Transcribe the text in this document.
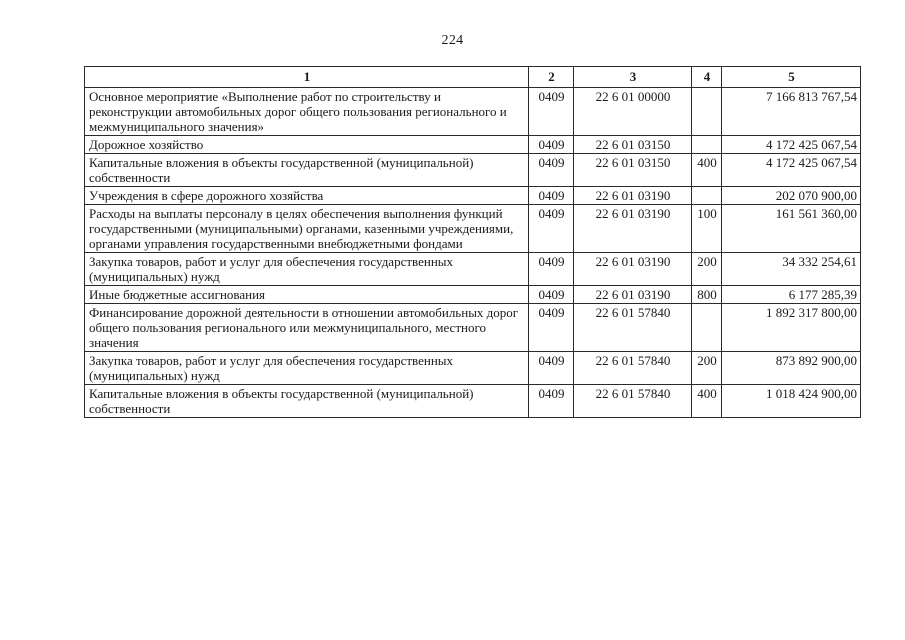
224
1	2	3	4	5
Основное мероприятие «Выполнение работ по строительству и реконструкции автомобильных дорог общего пользования регионального и межмуниципального значения»	0409	22 6 01 00000		7 166 813 767,54
Дорожное хозяйство	0409	22 6 01 03150		4 172 425 067,54
Капитальные вложения в объекты государственной (муниципальной) собственности	0409	22 6 01 03150	400	4 172 425 067,54
Учреждения в сфере дорожного хозяйства	0409	22 6 01 03190		202 070 900,00
Расходы на выплаты персоналу в целях обеспечения выполнения функций государственными (муниципальными) органами, казенными учреждениями, органами управления государственными внебюджетными фондами	0409	22 6 01 03190	100	161 561 360,00
Закупка товаров, работ и услуг для обеспечения государственных (муниципальных) нужд	0409	22 6 01 03190	200	34 332 254,61
Иные бюджетные ассигнования	0409	22 6 01 03190	800	6 177 285,39
Финансирование дорожной деятельности в отношении автомобильных дорог общего пользования регионального или межмуниципального, местного значения	0409	22 6 01 57840		1 892 317 800,00
Закупка товаров, работ и услуг для обеспечения государственных (муниципальных) нужд	0409	22 6 01 57840	200	873 892 900,00
Капитальные вложения в объекты государственной (муниципальной) собственности	0409	22 6 01 57840	400	1 018 424 900,00
